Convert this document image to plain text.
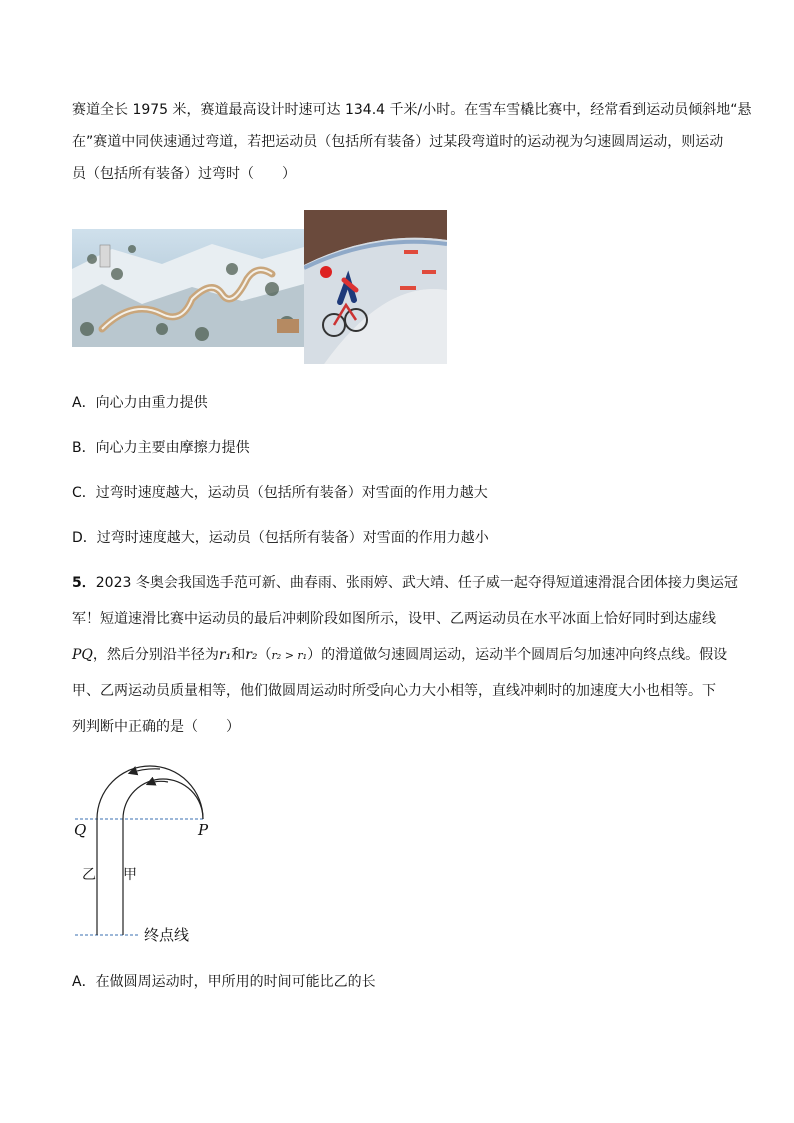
赛道全长 1975 米，赛道最高设计时速可达 134.4 千米/小时。在雪车雪橇比赛中，经常看到运动员倾斜地“悬
在”赛道中同侠速通过弯道，若把运动员（包括所有装备）过某段弯道时的运动视为匀速圆周运动，则运动
员（包括所有装备）过弯时（　　）
A．向心力由重力提供
B．向心力主要由摩擦力提供
C．过弯时速度越大，运动员（包括所有装备）对雪面的作用力越大
D．过弯时速度越大，运动员（包括所有装备）对雪面的作用力越小
5．2023 冬奥会我国选手范可新、曲春雨、张雨婷、武大靖、任子威一起夺得短道速滑混合团体接力奥运冠
军！短道速滑比赛中运动员的最后冲刺阶段如图所示，设甲、乙两运动员在水平冰面上恰好同时到达虚线
PQ，然后分别沿半径为r₁和r₂（r₂ > r₁）的滑道做匀速圆周运动，运动半个圆周后匀加速冲向终点线。假设
甲、乙两运动员质量相等，他们做圆周运动时所受向心力大小相等，直线冲刺时的加速度大小也相等。下
列判断中正确的是（　　）
Q	P
乙 甲
终点线
A．在做圆周运动时，甲所用的时间可能比乙的长
